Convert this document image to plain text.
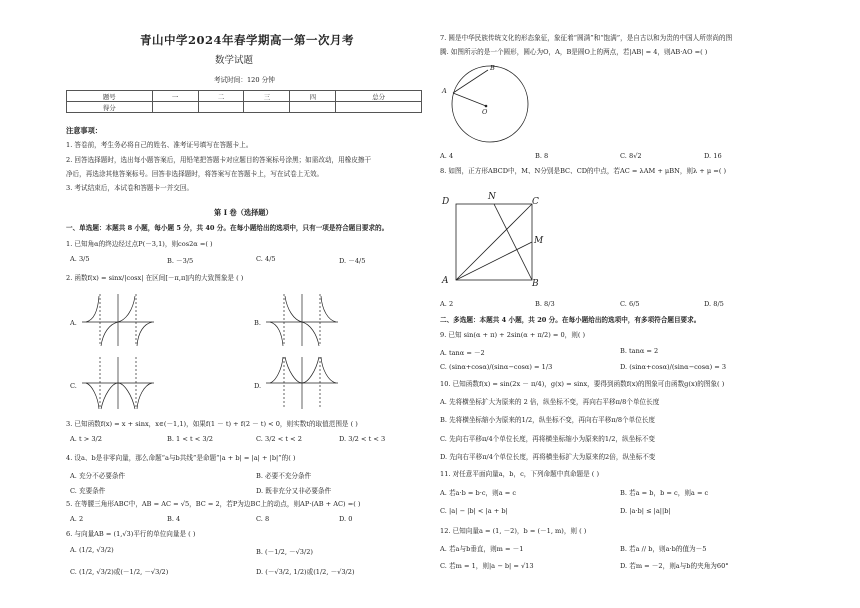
青山中学2024年春学期高一第一次月考
数学试题
考试时间：120 分钟
题号	一	二	三	四	总分
得分					
注意事项：
1. 答卷前，考生务必将自己的姓名、准考证号填写在答题卡上。
2. 回答选择题时，选出每小题答案后，用铅笔把答题卡对应题目的答案标号涂黑；如需改动，用橡皮擦干
净后，再选涂其他答案标号。回答非选择题时，将答案写在答题卡上，写在试卷上无效。
3. 考试结束后，本试卷和答题卡一并交回。
第 I 卷（选择题）
一、单选题：本题共 8 小题，每小题 5 分，共 40 分。在每小题给出的选项中，只有一项是符合题目要求的。
1. 已知角α的终边经过点P(－3,1)，则cos2α =( )
A. 3/5	B. －3/5	C. 4/5	D. －4/5
2. 函数f(x) = sinx/|cosx| 在区间[－π,π]内的大致图象是 ( )
A.	B.
C.	D.
3. 已知函数f(x) = x + sinx，x∈(－1,1)，如果f(1 － t) + f(2 － t) < 0，则实数t的取值范围是 ( )
A. t > 3/2	B. 1 < t < 3/2	C. 3/2 < t < 2	D. 3/2 < t < 3
4. 设a、b是非零向量，那么命题“a与b共线”是命题“|a + b| = |a| + |b|”的( )
A. 充分不必要条件	B. 必要不充分条件
C. 充要条件	D. 既非充分又非必要条件
5. 在等腰三角形ABC中，AB = AC = √5，BC = 2，若P为边BC上的动点，则AP·(AB + AC) =( )
A. 2	B. 4	C. 8	D. 0
6. 与向量AB = (1,√3)平行的单位向量是 ( )
A. (1/2, √3/2)	B. (－1/2, －√3/2)
C. (1/2, √3/2)或(－1/2, －√3/2)	D. (－√3/2, 1/2)或(1/2, －√3/2)
7. 圆是中华民族传统文化的形态象征，象征着“圆满”和“饱满”，是自古以和为贵的中国人所崇尚的图
腾. 如图所示的是一个圆形，圆心为O，A，B是圆O上的两点，若|AB| = 4，则AB·AO =( )
A
B
O
A. 4	B. 8	C. 8√2	D. 16
8. 如图，正方形ABCD中，M、N分别是BC、CD的中点，若AC = λAM + μBN，则λ + μ =( )
D	N	C
M
A	B
A. 2	B. 8/3	C. 6/5	D. 8/5
二、多选题：本题共 4 小题，共 20 分。在每小题给出的选项中，有多项符合题目要求。
9. 已知 sin(α + π) + 2sin(α + π/2) = 0，则( )
A. tanα = －2	B. tanα = 2
C. (sinα+cosα)/(sinα−cosα) = 1/3	D. (sinα+cosα)/(sinα−cosα) = 3
10. 已知函数f(x) = sin(2x － π/4)，g(x) = sinx，要得到函数f(x)的图象可由函数g(x)的图象( )
A. 先将横坐标扩大为原来的 2 倍，纵坐标不变，再向右平移π/8个单位长度
B. 先将横坐标缩小为原来的1/2，纵坐标不变，再向右平移π/8个单位长度
C. 先向右平移π/4个单位长度，再将横坐标缩小为原来的1/2，纵坐标不变
D. 先向右平移π/4个单位长度，再将横坐标扩大为原来的2倍，纵坐标不变
11. 对任意平面向量a，b，c，下列命题中真命题是 ( )
A. 若a·b = b·c，则a = c	B. 若a = b，b = c，则a = c
C. |a| − |b| < |a + b|	D. |a·b| ≤ |a||b|
12. 已知向量a = (1, －2)，b = (－1, m)，则 ( )
A. 若a与b垂直，则m = －1	B. 若a // b，则a·b的值为－5
C. 若m = 1，则|a − b| = √13	D. 若m = －2，则a与b的夹角为60°
